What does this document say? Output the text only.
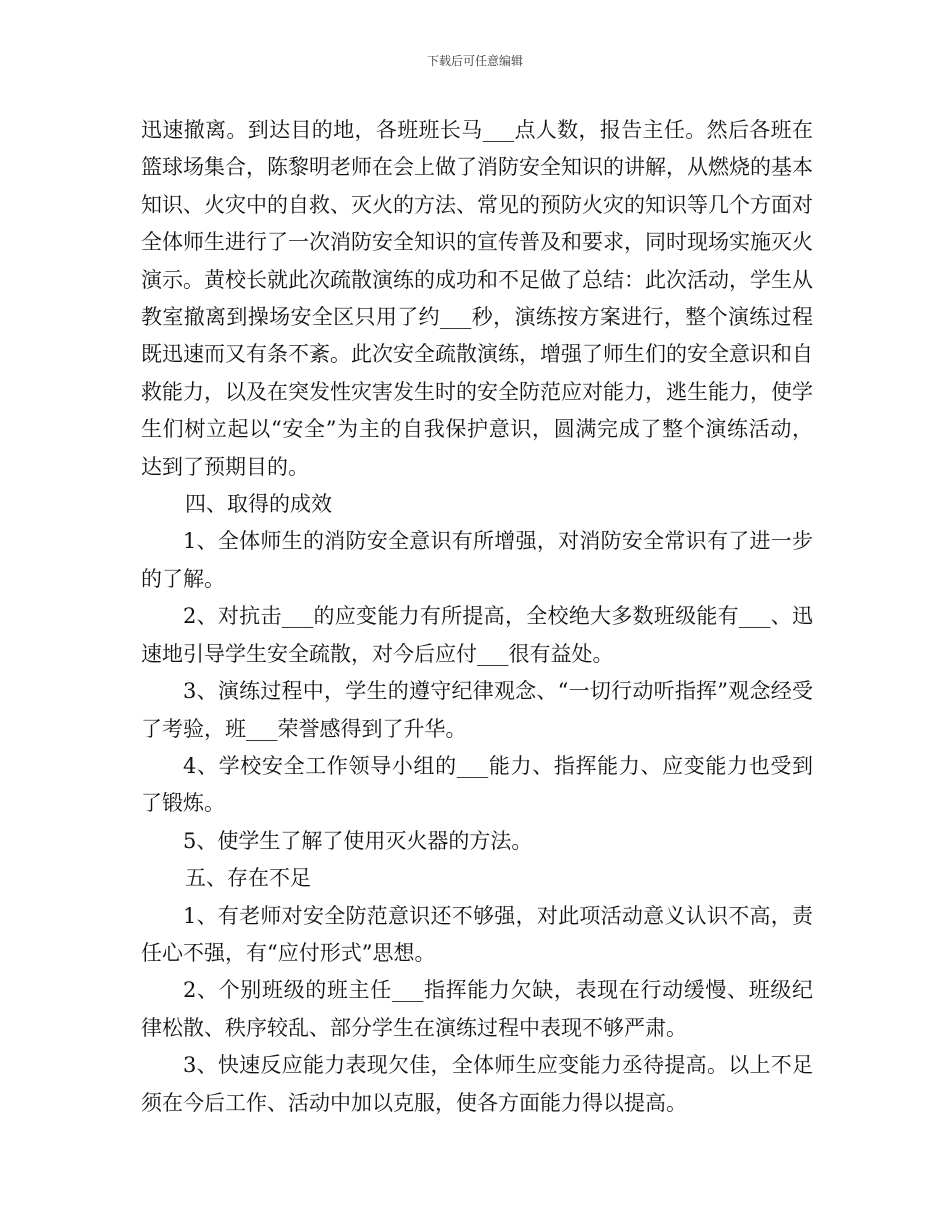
下载后可任意编辑

迅速撤离。到达目的地，各班班长马___点人数，报告主任。然后各班在篮球场集合，陈黎明老师在会上做了消防安全知识的讲解，从燃烧的基本知识、火灾中的自救、灭火的方法、常见的预防火灾的知识等几个方面对全体师生进行了一次消防安全知识的宣传普及和要求，同时现场实施灭火演示。黄校长就此次疏散演练的成功和不足做了总结：此次活动，学生从教室撤离到操场安全区只用了约___秒，演练按方案进行，整个演练过程既迅速而又有条不紊。此次安全疏散演练，增强了师生们的安全意识和自救能力，以及在突发性灾害发生时的安全防范应对能力，逃生能力，使学生们树立起以“安全”为主的自我保护意识，圆满完成了整个演练活动，达到了预期目的。

四、取得的成效

1、全体师生的消防安全意识有所增强，对消防安全常识有了进一步的了解。

2、对抗击___的应变能力有所提高，全校绝大多数班级能有___、迅速地引导学生安全疏散，对今后应付___很有益处。

3、演练过程中，学生的遵守纪律观念、“一切行动听指挥”观念经受了考验，班___荣誉感得到了升华。

4、学校安全工作领导小组的___能力、指挥能力、应变能力也受到了锻炼。

5、使学生了解了使用灭火器的方法。

五、存在不足

1、有老师对安全防范意识还不够强，对此项活动意义认识不高，责任心不强，有“应付形式”思想。

2、个别班级的班主任___指挥能力欠缺，表现在行动缓慢、班级纪律松散、秩序较乱、部分学生在演练过程中表现不够严肃。

3、快速反应能力表现欠佳，全体师生应变能力丞待提高。以上不足须在今后工作、活动中加以克服，使各方面能力得以提高。
